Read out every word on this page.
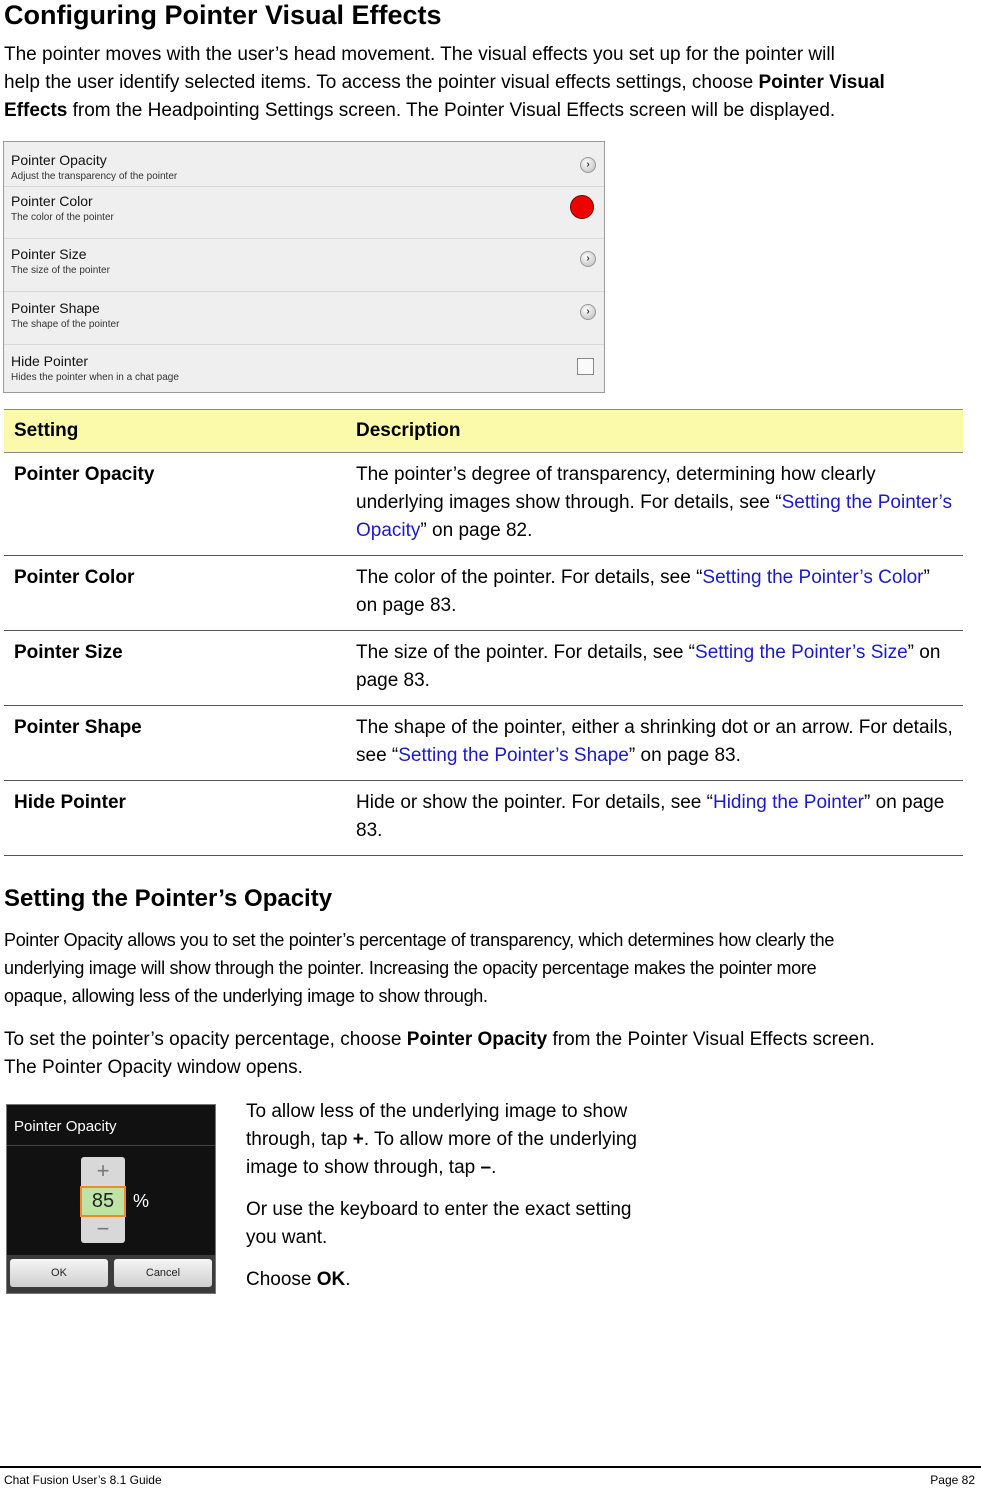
Configuring Pointer Visual Effects
The pointer moves with the user’s head movement. The visual effects you set up for the pointer will
help the user identify selected items. To access the pointer visual effects settings, choose Pointer Visual
Effects from the Headpointing Settings screen. The Pointer Visual Effects screen will be displayed.
Pointer Opacity
Adjust the transparency of the pointer
›
Pointer Color
The color of the pointer
Pointer Size
The size of the pointer
›
Pointer Shape
The shape of the pointer
›
Hide Pointer
Hides the pointer when in a chat page
Setting	Description
Pointer Opacity	The pointer’s degree of transparency, determining how clearly underlying images show through. For details, see “Setting the Pointer’s Opacity” on page 82.
Pointer Color	The color of the pointer. For details, see “Setting the Pointer’s Color” on page 83.
Pointer Size	The size of the pointer. For details, see “Setting the Pointer’s Size” on page 83.
Pointer Shape	The shape of the pointer, either a shrinking dot or an arrow. For details, see “Setting the Pointer’s Shape” on page 83.
Hide Pointer	Hide or show the pointer. For details, see “Hiding the Pointer” on page 83.
Setting the Pointer’s Opacity
Pointer Opacity allows you to set the pointer’s percentage of transparency, which determines how clearly the
underlying image will show through the pointer. Increasing the opacity percentage makes the pointer more
opaque, allowing less of the underlying image to show through.
To set the pointer’s opacity percentage, choose Pointer Opacity from the Pointer Visual Effects screen.
The Pointer Opacity window opens.
Pointer Opacity
+
85
−
%
OK	Cancel
To allow less of the underlying image to show
through, tap +. To allow more of the underlying
image to show through, tap –.
Or use the keyboard to enter the exact setting
you want.
Choose OK.
Chat Fusion User’s 8.1 Guide	Page 82
